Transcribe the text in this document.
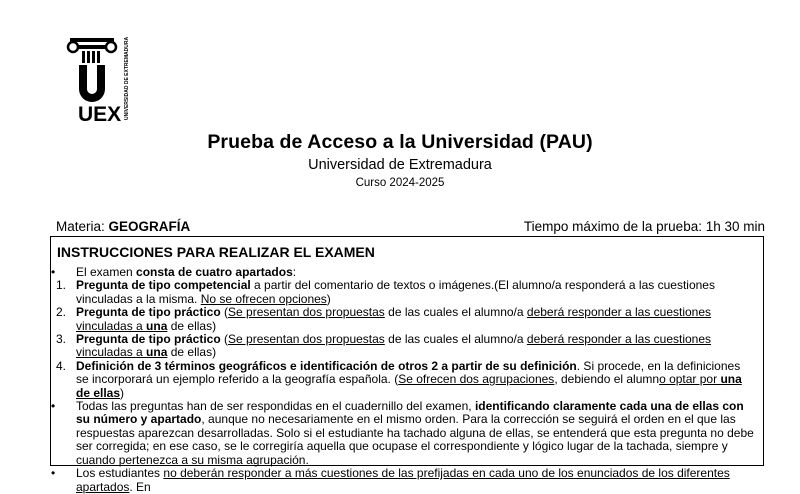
UEX UNIVERSIDAD DE EXTREMADURA
Prueba de Acceso a la Universidad (PAU)
Universidad de Extremadura
Curso 2024-2025
Materia: GEOGRAFÍA	Tiempo máximo de la prueba: 1h 30 min
INSTRUCCIONES PARA REALIZAR EL EXAMEN
• El examen consta de cuatro apartados:
1. Pregunta de tipo competencial a partir del comentario de textos o imágenes.(El alumno/a responderá a las cuestiones vinculadas a la misma. No se ofrecen opciones)
2. Pregunta de tipo práctico (Se presentan dos propuestas de las cuales el alumno/a deberá responder a las cuestiones vinculadas a una de ellas)
3. Pregunta de tipo práctico (Se presentan dos propuestas de las cuales el alumno/a deberá responder a las cuestiones vinculadas a una de ellas)
4. Definición de 3 términos geográficos e identificación de otros 2 a partir de su definición. Si procede, en la definiciones se incorporará un ejemplo referido a la geografía española. (Se ofrecen dos agrupaciones, debiendo el alumno optar por una de ellas)
• Todas las preguntas han de ser respondidas en el cuadernillo del examen, identificando claramente cada una de ellas con su número y apartado, aunque no necesariamente en el mismo orden. Para la corrección se seguirá el orden en el que las respuestas aparezcan desarrolladas. Solo si el estudiante ha tachado alguna de ellas, se entenderá que esta pregunta no debe ser corregida; en ese caso, se le corregiría aquella que ocupase el correspondiente y lógico lugar de la tachada, siempre y cuando pertenezca a su misma agrupación.
• Los estudiantes no deberán responder a más cuestiones de las prefijadas en cada uno de los enunciados de los diferentes apartados. En
